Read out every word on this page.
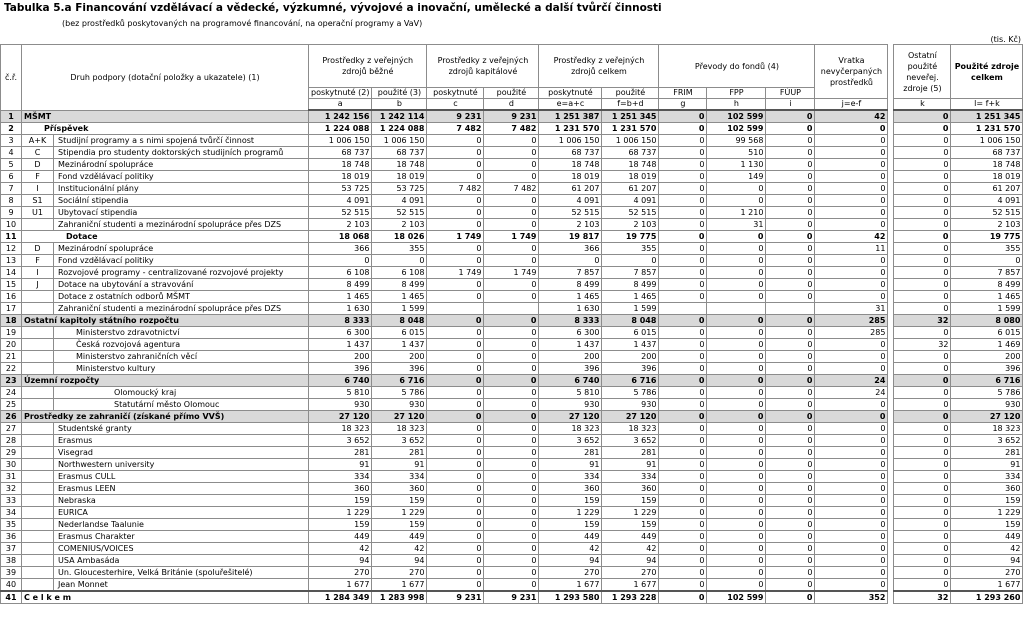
Tabulka 5.a Financování vzdělávací a vědecké, výzkumné, vývojové a inovační, umělecké a další tvůrčí činnosti
(bez prostředků poskytovaných na programové financování, na operační programy a VaV)
(tis. Kč)
č.ř.	Druh podpory (dotační položky a ukazatele) (1)		Prostředky z veřejných zdrojů běžné		Prostředky z veřejných zdrojů kapitálové		Prostředky z veřejných zdrojů celkem		Převody do fondů (4)			Vratka nevyčerpaných prostředků		Ostatní použité neveřej. zdroje (5)	Použité zdroje celkem
			poskytnuté (2)	použité (3)	poskytnuté	použité	poskytnuté	použité	FRIM	FPP	FÚUP				
			a	b	c	d	e=a+c	f=b+d	g	h	i	j=e-f		k	l= f+k
1	MŠMT		1 242 156	1 242 114	9 231	9 231	1 251 387	1 251 345	0	102 599	0	42		0	1 251 345
2	Příspěvek		1 224 088	1 224 088	7 482	7 482	1 231 570	1 231 570	0	102 599	0	0		0	1 231 570
3	A+K	Studijní programy a s nimi spojená tvůrčí činnost	1 006 150	1 006 150	0	0	1 006 150	1 006 150	0	99 568	0	0		0	1 006 150
4	C	Stipendia pro studenty doktorských studijních programů	68 737	68 737	0	0	68 737	68 737	0	510	0	0		0	68 737
5	D	Mezinárodní spolupráce	18 748	18 748	0	0	18 748	18 748	0	1 130	0	0		0	18 748
6	F	Fond vzdělávací politiky	18 019	18 019	0	0	18 019	18 019	0	149	0	0		0	18 019
7	I	Institucionální plány	53 725	53 725	7 482	7 482	61 207	61 207	0	0	0	0		0	61 207
8	S1	Sociální stipendia	4 091	4 091	0	0	4 091	4 091	0	0	0	0		0	4 091
9	U1	Ubytovací stipendia	52 515	52 515	0	0	52 515	52 515	0	1 210	0	0		0	52 515
10		Zahraniční studenti a mezinárodní spolupráce přes DZS	2 103	2 103	0	0	2 103	2 103	0	31	0	0		0	2 103
11	Dotace		18 068	18 026	1 749	1 749	19 817	19 775	0	0	0	42		0	19 775
12	D	Mezinárodní spolupráce	366	355	0	0	366	355	0	0	0	11		0	355
13	F	Fond vzdělávací politiky	0	0	0	0	0	0	0	0	0	0		0	0
14	I	Rozvojové programy - centralizované rozvojové projekty	6 108	6 108	1 749	1 749	7 857	7 857	0	0	0	0		0	7 857
15	J	Dotace na ubytování a stravování	8 499	8 499	0	0	8 499	8 499	0	0	0	0		0	8 499
16		Dotace z ostatních odborů MŠMT	1 465	1 465	0	0	1 465	1 465	0	0	0	0		0	1 465
17		Zahraniční studenti a mezinárodní spolupráce přes DZS	1 630	1 599			1 630	1 599				31		0	1 599
18	Ostatní kapitoly státního rozpočtu		8 333	8 048	0	0	8 333	8 048	0	0	0	285		32	8 080
19		Ministerstvo zdravotnictví	6 300	6 015	0	0	6 300	6 015	0	0	0	285		0	6 015
20		Česká rozvojová agentura	1 437	1 437	0	0	1 437	1 437	0	0	0	0		32	1 469
21		Ministerstvo zahraničních věcí	200	200	0	0	200	200	0	0	0	0		0	200
22		Ministerstvo kultury	396	396	0	0	396	396	0	0	0	0		0	396
23	Územní rozpočty		6 740	6 716	0	0	6 740	6 716	0	0	0	24		0	6 716
24		Olomoucký kraj	5 810	5 786	0	0	5 810	5 786	0	0	0	24		0	5 786
25		Statutární město Olomouc	930	930	0	0	930	930	0	0	0	0		0	930
26	Prostředky ze zahraničí (získané přímo VVŠ)		27 120	27 120	0	0	27 120	27 120	0	0	0	0		0	27 120
27		Studentské granty	18 323	18 323	0	0	18 323	18 323	0	0	0	0		0	18 323
28		Erasmus	3 652	3 652	0	0	3 652	3 652	0	0	0	0		0	3 652
29		Visegrad	281	281	0	0	281	281	0	0	0	0		0	281
30		Northwestern university	91	91	0	0	91	91	0	0	0	0		0	91
31		Erasmus CULL	334	334	0	0	334	334	0	0	0	0		0	334
32		Erasmus LEEN	360	360	0	0	360	360	0	0	0	0		0	360
33		Nebraska	159	159	0	0	159	159	0	0	0	0		0	159
34		EURICA	1 229	1 229	0	0	1 229	1 229	0	0	0	0		0	1 229
35		Nederlandse Taalunie	159	159	0	0	159	159	0	0	0	0		0	159
36		Erasmus Charakter	449	449	0	0	449	449	0	0	0	0		0	449
37		COMENIUS/VOICES	42	42	0	0	42	42	0	0	0	0		0	42
38		USA Ambasáda	94	94	0	0	94	94	0	0	0	0		0	94
39		Un. Gloucesterhire, Velká Británie (spoluřešitelé)	270	270	0	0	270	270	0	0	0	0		0	270
40		Jean Monnet	1 677	1 677	0	0	1 677	1 677	0	0	0	0		0	1 677
41	C e l k e m		1 284 349	1 283 998	9 231	9 231	1 293 580	1 293 228	0	102 599	0	352		32	1 293 260
